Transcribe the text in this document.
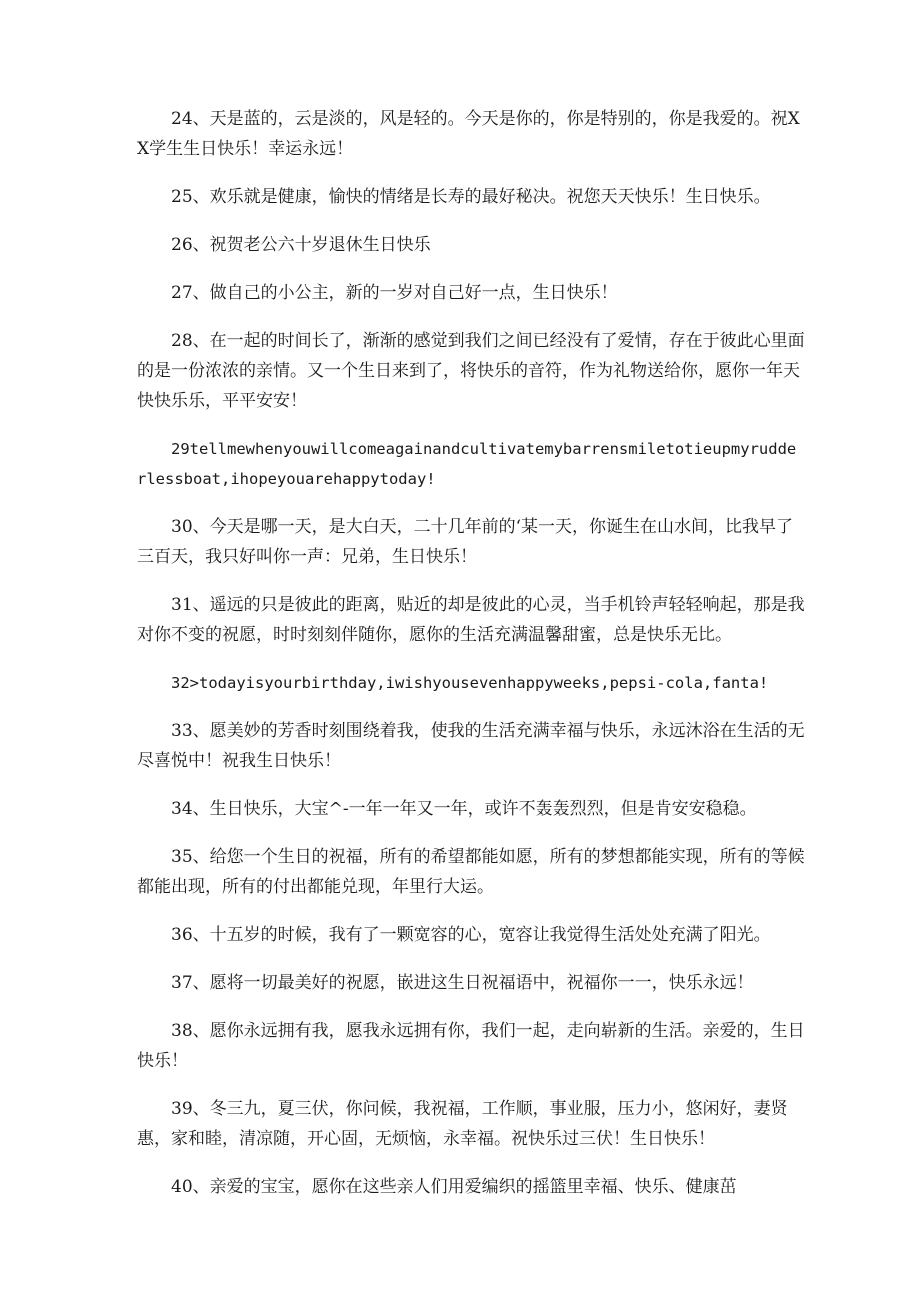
24、天是蓝的，云是淡的，风是轻的。今天是你的，你是特别的，你是我爱的。祝XX学生生日快乐！幸运永远！

25、欢乐就是健康，愉快的情绪是长寿的最好秘决。祝您天天快乐！生日快乐。

26、祝贺老公六十岁退休生日快乐

27、做自己的小公主，新的一岁对自己好一点，生日快乐！

28、在一起的时间长了，渐渐的感觉到我们之间已经没有了爱情，存在于彼此心里面的是一份浓浓的亲情。又一个生日来到了，将快乐的音符，作为礼物送给你，愿你一年天快快乐乐，平平安安！

29tellmewhenyouwillcomeagainandcultivatemybarrensmiletotieupmyrudderlessboat,ihopeyouarehappytoday!

30、今天是哪一天，是大白天，二十几年前的‘某一天，你诞生在山水间，比我早了三百天，我只好叫你一声：兄弟，生日快乐！

31、遥远的只是彼此的距离，贴近的却是彼此的心灵，当手机铃声轻轻响起，那是我对你不变的祝愿，时时刻刻伴随你，愿你的生活充满温馨甜蜜，总是快乐无比。

32>todayisyourbirthday,iwishyousevenhappyweeks,pepsi-cola,fanta!

33、愿美妙的芳香时刻围绕着我，使我的生活充满幸福与快乐，永远沐浴在生活的无尽喜悦中！祝我生日快乐！

34、生日快乐，大宝^-一年一年又一年，或许不轰轰烈烈，但是肯安安稳稳。

35、给您一个生日的祝福，所有的希望都能如愿，所有的梦想都能实现，所有的等候都能出现，所有的付出都能兑现，年里行大运。

36、十五岁的时候，我有了一颗宽容的心，宽容让我觉得生活处处充满了阳光。

37、愿将一切最美好的祝愿，嵌进这生日祝福语中，祝福你一一，快乐永远！

38、愿你永远拥有我，愿我永远拥有你，我们一起，走向崭新的生活。亲爱的，生日快乐！

39、冬三九，夏三伏，你问候，我祝福，工作顺，事业服，压力小，悠闲好，妻贤惠，家和睦，清凉随，开心固，无烦恼，永幸福。祝快乐过三伏！生日快乐！

40、亲爱的宝宝，愿你在这些亲人们用爱编织的摇篮里幸福、快乐、健康茁
